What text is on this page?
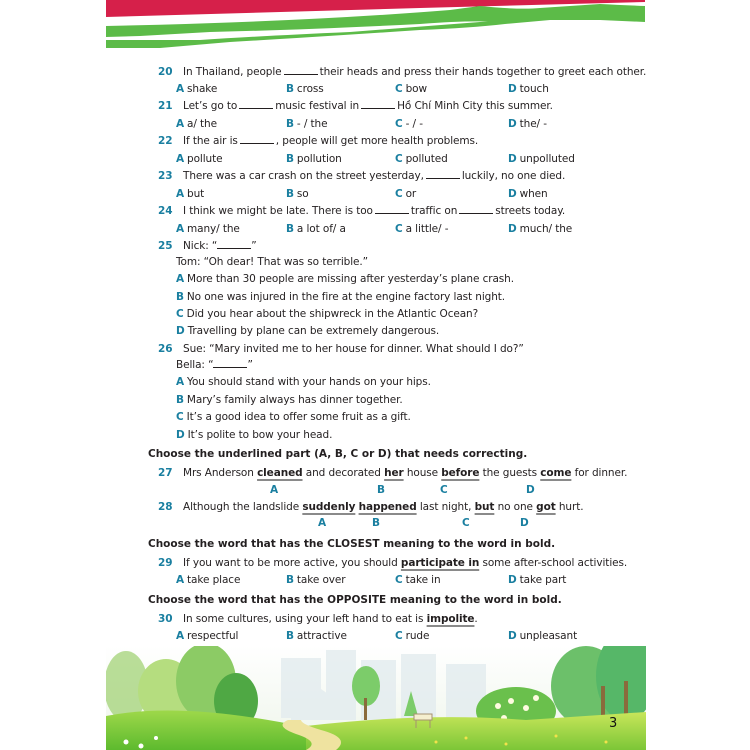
20 In Thailand, people	their heads and press their hands together to greet each other.
A shake	B cross	C bow	D touch
21 Let’s go to	music festival in	Hồ Chí Minh City this summer.
A a/ the	B - / the	C - / -	D the/ -
22 If the air is	, people will get more health problems.
A pollute	B pollution	C polluted	D unpolluted
23 There was a car crash on the street yesterday,	luckily, no one died.
A but	B so	C or	D when
24 I think we might be late. There is too	traffic on	streets today.
A many/ the	B a lot of/ a	C a little/ -	D much/ the
25 Nick: “	”
Tom: “Oh dear! That was so terrible.”
A More than 30 people are missing after yesterday’s plane crash.
B No one was injured in the fire at the engine factory last night.
C Did you hear about the shipwreck in the Atlantic Ocean?
D Travelling by plane can be extremely dangerous.
26 Sue: “Mary invited me to her house for dinner. What should I do?”
Bella: “	”
A You should stand with your hands on your hips.
B Mary’s family always has dinner together.
C It’s a good idea to offer some fruit as a gift.
D It’s polite to bow your head.
Choose the underlined part (A, B, C or D) that needs correcting.
27 Mrs Anderson cleaned and decorated her house before the guests come for dinner.
A	B	C	D
28 Although the landslide suddenly happened last night, but no one got hurt.
A	B	C	D
Choose the word that has the CLOSEST meaning to the word in bold.
29 If you want to be more active, you should participate in some after-school activities.
A take place	B take over	C take in	D take part
Choose the word that has the OPPOSITE meaning to the word in bold.
30 In some cultures, using your left hand to eat is impolite.
A respectful	B attractive	C rude	D unpleasant
3
